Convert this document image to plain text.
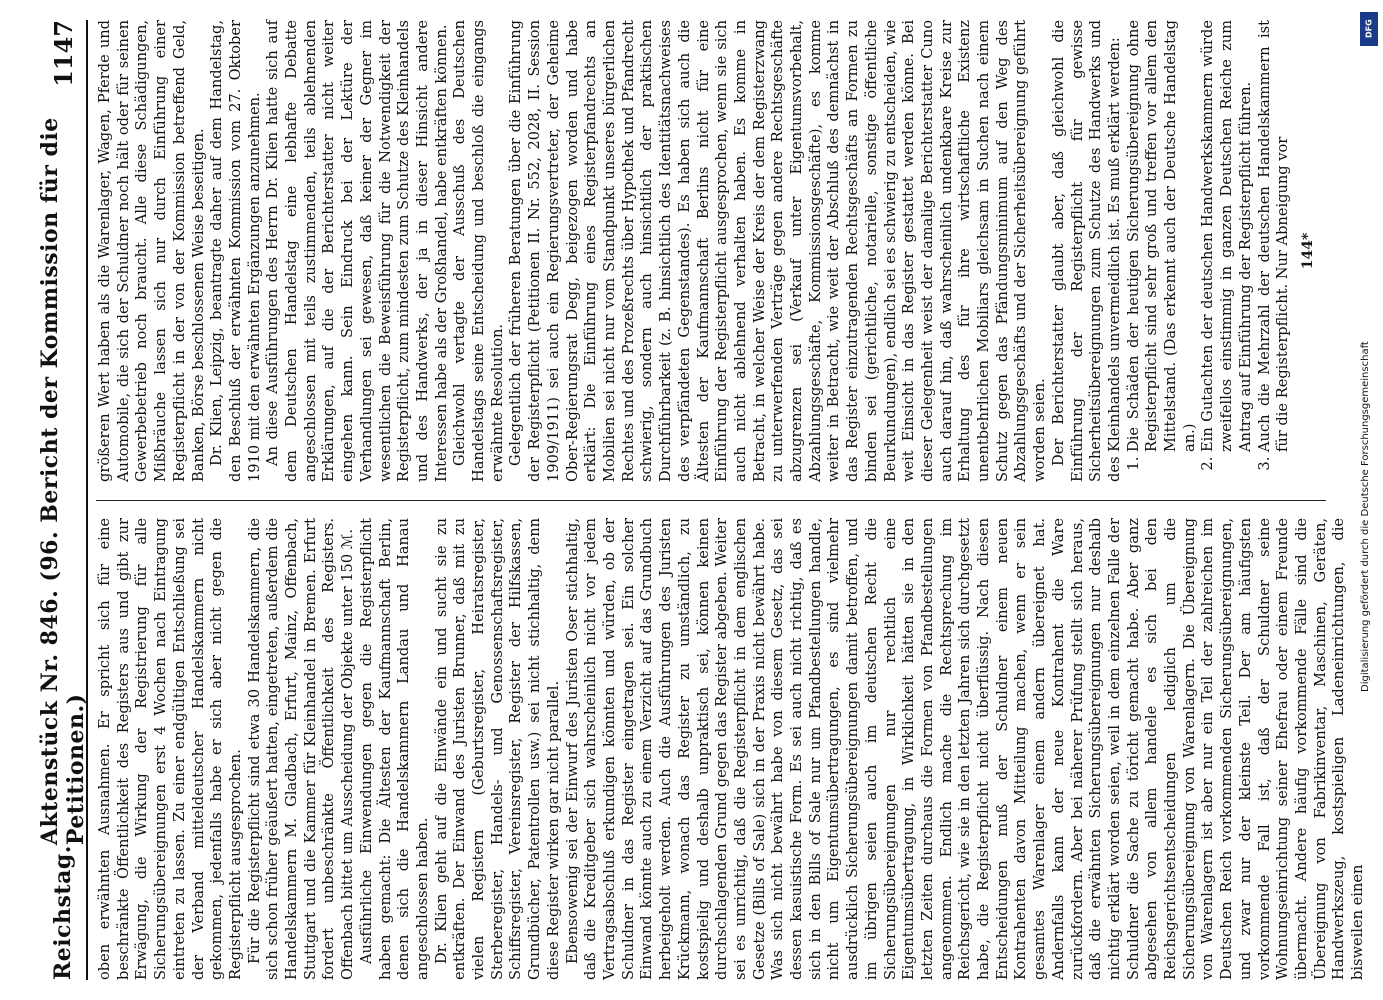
Reichstag.
Aktenstück Nr. 846. (96. Bericht der Kommission für die Petitionen.)
1147

oben erwähnten Ausnahmen. Er spricht sich für eine beschränkte Öffentlichkeit des Registers aus und gibt zur Erwägung, die Wirkung der Registrierung für alle Sicherungsübereignungen erst 4 Wochen nach Eintragung eintreten zu lassen. Zu einer endgültigen Entschließung sei der Verband mitteldeutscher Handelskammern nicht gekommen, jedenfalls habe er sich aber nicht gegen die Registerpflicht ausgesprochen. Für die Registerpflicht sind etwa 30 Handelskammern, die sich schon früher geäußert hatten, eingetreten, außerdem die Handelskammern M. Gladbach, Erfurt, Mainz, Offenbach, Stuttgart und die Kammer für Kleinhandel in Bremen. Erfurt fordert unbeschränkte Öffentlichkeit des Registers. Offenbach bittet um Ausscheidung der Objekte unter 150 ℳ. Ausführliche Einwendungen gegen die Registerpflicht haben gemacht: Die Ältesten der Kaufmannschaft Berlin, denen sich die Handelskammern Landau und Hanau angeschlossen haben. Dr. Klien geht auf die Einwände ein und sucht sie zu entkräften. Der Einwand des Juristen Brunner, daß mit zu vielen Registern (Geburtsregister, Heiratsregister, Sterberegister, Handels- und Genossenschaftsregister, Schiffsregister, Vereinsregister, Register der Hilfskassen, Grundbücher, Patentrollen usw.) sei nicht stichhaltig, denn diese Register wirken gar nicht parallel. Ebensowenig sei der Einwurf des Juristen Oser stichhaltig, daß die Kreditgeber sich wahrscheinlich nicht vor jedem Vertragsabschluß erkundigen könnten und würden, ob der Schuldner in das Register eingetragen sei. Ein solcher Einwand könnte auch zu einem Verzicht auf das Grundbuch herbeigeholt werden. Auch die Ausführungen des Juristen Krückmann, wonach das Register zu umständlich, zu kostspielig und deshalb unpraktisch sei, können keinen durchschlagenden Grund gegen das Register abgeben. Weiter sei es unrichtig, daß die Registerpflicht in dem englischen Gesetze (Bills of Sale) sich in der Praxis nicht bewährt habe. Was sich nicht bewährt habe von diesem Gesetz, das sei dessen kasuistische Form. Es sei auch nicht richtig, daß es sich in den Bills of Sale nur um Pfandbestellungen handle, nicht um Eigentumsübertragungen, es sind vielmehr ausdrücklich Sicherungsübereignungen damit betroffen, und im übrigen seien auch im deutschen Recht die Sicherungsübereignungen nur rechtlich eine Eigentumsübertragung, in Wirklichkeit hätten sie in den letzten Zeiten durchaus die Formen von Pfandbestellungen angenommen. Endlich mache die Rechtsprechung im Reichsgericht, wie sie in den letzten Jahren sich durchgesetzt habe, die Registerpflicht nicht überflüssig. Nach diesen Entscheidungen muß der Schuldner einem neuen Kontrahenten davon Mitteilung machen, wenn er sein gesamtes Warenlager einem andern übereignet hat. Andernfalls kann der neue Kontrahent die Ware zurückfordern. Aber bei näherer Prüfung stellt sich heraus, daß die erwähnten Sicherungsübereignungen nur deshalb nichtig erklärt worden seien, weil in dem einzelnen Falle der Schuldner die Sache zu töricht gemacht habe. Aber ganz abgesehen von allem handele es sich bei den Reichsgerichtsentscheidungen lediglich um die Sicherungsübereignung von Warenlagern. Die Übereignung von Warenlagern ist aber nur ein Teil der zahlreichen im Deutschen Reich vorkommenden Sicherungsübereignungen, und zwar nur der kleinste Teil. Der am häufigsten vorkommende Fall ist, daß der Schuldner seine Wohnungseinrichtung seiner Ehefrau oder einem Freunde übermacht. Andere häufig vorkommende Fälle sind die Übereignung von Fabrikinventar, Maschinen, Geräten, Handwerkszeug, kostspieligen Ladeneinrichtungen, die bisweilen einen

größeren Wert haben als die Warenlager, Wagen, Pferde und Automobile, die sich der Schuldner noch hält oder für seinen Gewerbebetrieb noch braucht. Alle diese Schädigungen, Mißbräuche lassen sich nur durch Einführung einer Registerpflicht in der von der Kommission betreffend Geld, Banken, Börse beschlossenen Weise beseitigen. Dr. Klien, Leipzig, beantragte daher auf dem Handelstag, den Beschluß der erwähnten Kommission vom 27. Oktober 1910 mit den erwähnten Ergänzungen anzunehmen. An diese Ausführungen des Herrn Dr. Klien hatte sich auf dem Deutschen Handelstag eine lebhafte Debatte angeschlossen mit teils zustimmenden, teils ablehnenden Erklärungen, auf die der Berichterstatter nicht weiter eingehen kann. Sein Eindruck bei der Lektüre der Verhandlungen sei gewesen, daß keiner der Gegner im wesentlichen die Beweisführung für die Notwendigkeit der Registerpflicht, zum mindesten zum Schutze des Kleinhandels und des Handwerks, der ja in dieser Hinsicht andere Interessen habe als der Großhandel, habe entkräften können. Gleichwohl vertagte der Ausschuß des Deutschen Handelstags seine Entscheidung und beschloß die eingangs erwähnte Resolution. Gelegentlich der früheren Beratungen über die Einführung der Registerpflicht (Petitionen II. Nr. 552, 2028, II. Session 1909/1911) sei auch ein Regierungsvertreter, der Geheime Ober-Regierungsrat Degg, beigezogen worden und habe erklärt: Die Einführung eines Registerpfandrechts an Mobilien sei nicht nur vom Standpunkt unseres bürgerlichen Rechtes und des Prozeßrechts über Hypothek und Pfandrecht schwierig, sondern auch hinsichtlich der praktischen Durchführbarkeit (z. B. hinsichtlich des Identitätsnachweises des verpfändeten Gegenstandes). Es haben sich auch die Ältesten der Kaufmannschaft Berlins nicht für eine Einführung der Registerpflicht ausgesprochen, wenn sie sich auch nicht ablehnend verhalten haben. Es komme in Betracht, in welcher Weise der Kreis der dem Registerzwang zu unterwerfenden Verträge gegen andere Rechtsgeschäfte abzugrenzen sei (Verkauf unter Eigentumsvorbehalt, Abzahlungsgeschäfte, Kommissionsgeschäfte), es komme weiter in Betracht, wie weit der Abschluß des demnächst in das Register einzutragenden Rechtsgeschäfts an Formen zu binden sei (gerichtliche, notarielle, sonstige öffentliche Beurkundungen), endlich sei es schwierig zu entscheiden, wie weit Einsicht in das Register gestattet werden könne. Bei dieser Gelegenheit weist der damalige Berichterstatter Cuno auch darauf hin, daß wahrscheinlich undenkbare Kreise zur Erhaltung des für ihre wirtschaftliche Existenz unentbehrlichen Mobiliars gleichsam in Suchen nach einem Schutz gegen das Pfändungsminimum auf den Weg des Abzahlungsgeschäfts und der Sicherheitsübereignung geführt worden seien. Der Berichterstatter glaubt aber, daß gleichwohl die Einführung der Registerpflicht für gewisse Sicherheitsübereignungen zum Schutze des Handwerks und des Kleinhandels unvermeidlich ist. Es muß erklärt werden: 1. Die Schäden der heutigen Sicherungsübereignung ohne Registerpflicht sind sehr groß und treffen vor allem den Mittelstand. (Das erkennt auch der Deutsche Handelstag an.) 2. Ein Gutachten der deutschen Handwerkskammern würde zweifellos einstimmig in ganzen Deutschen Reiche zum Antrag auf Einführung der Registerpflicht führen. 3. Auch die Mehrzahl der deutschen Handelskammern ist für die Registerpflicht. Nur Abneigung vor 144*
DFG
Digitalisierung gefördert durch die Deutsche Forschungsgemeinschaft
